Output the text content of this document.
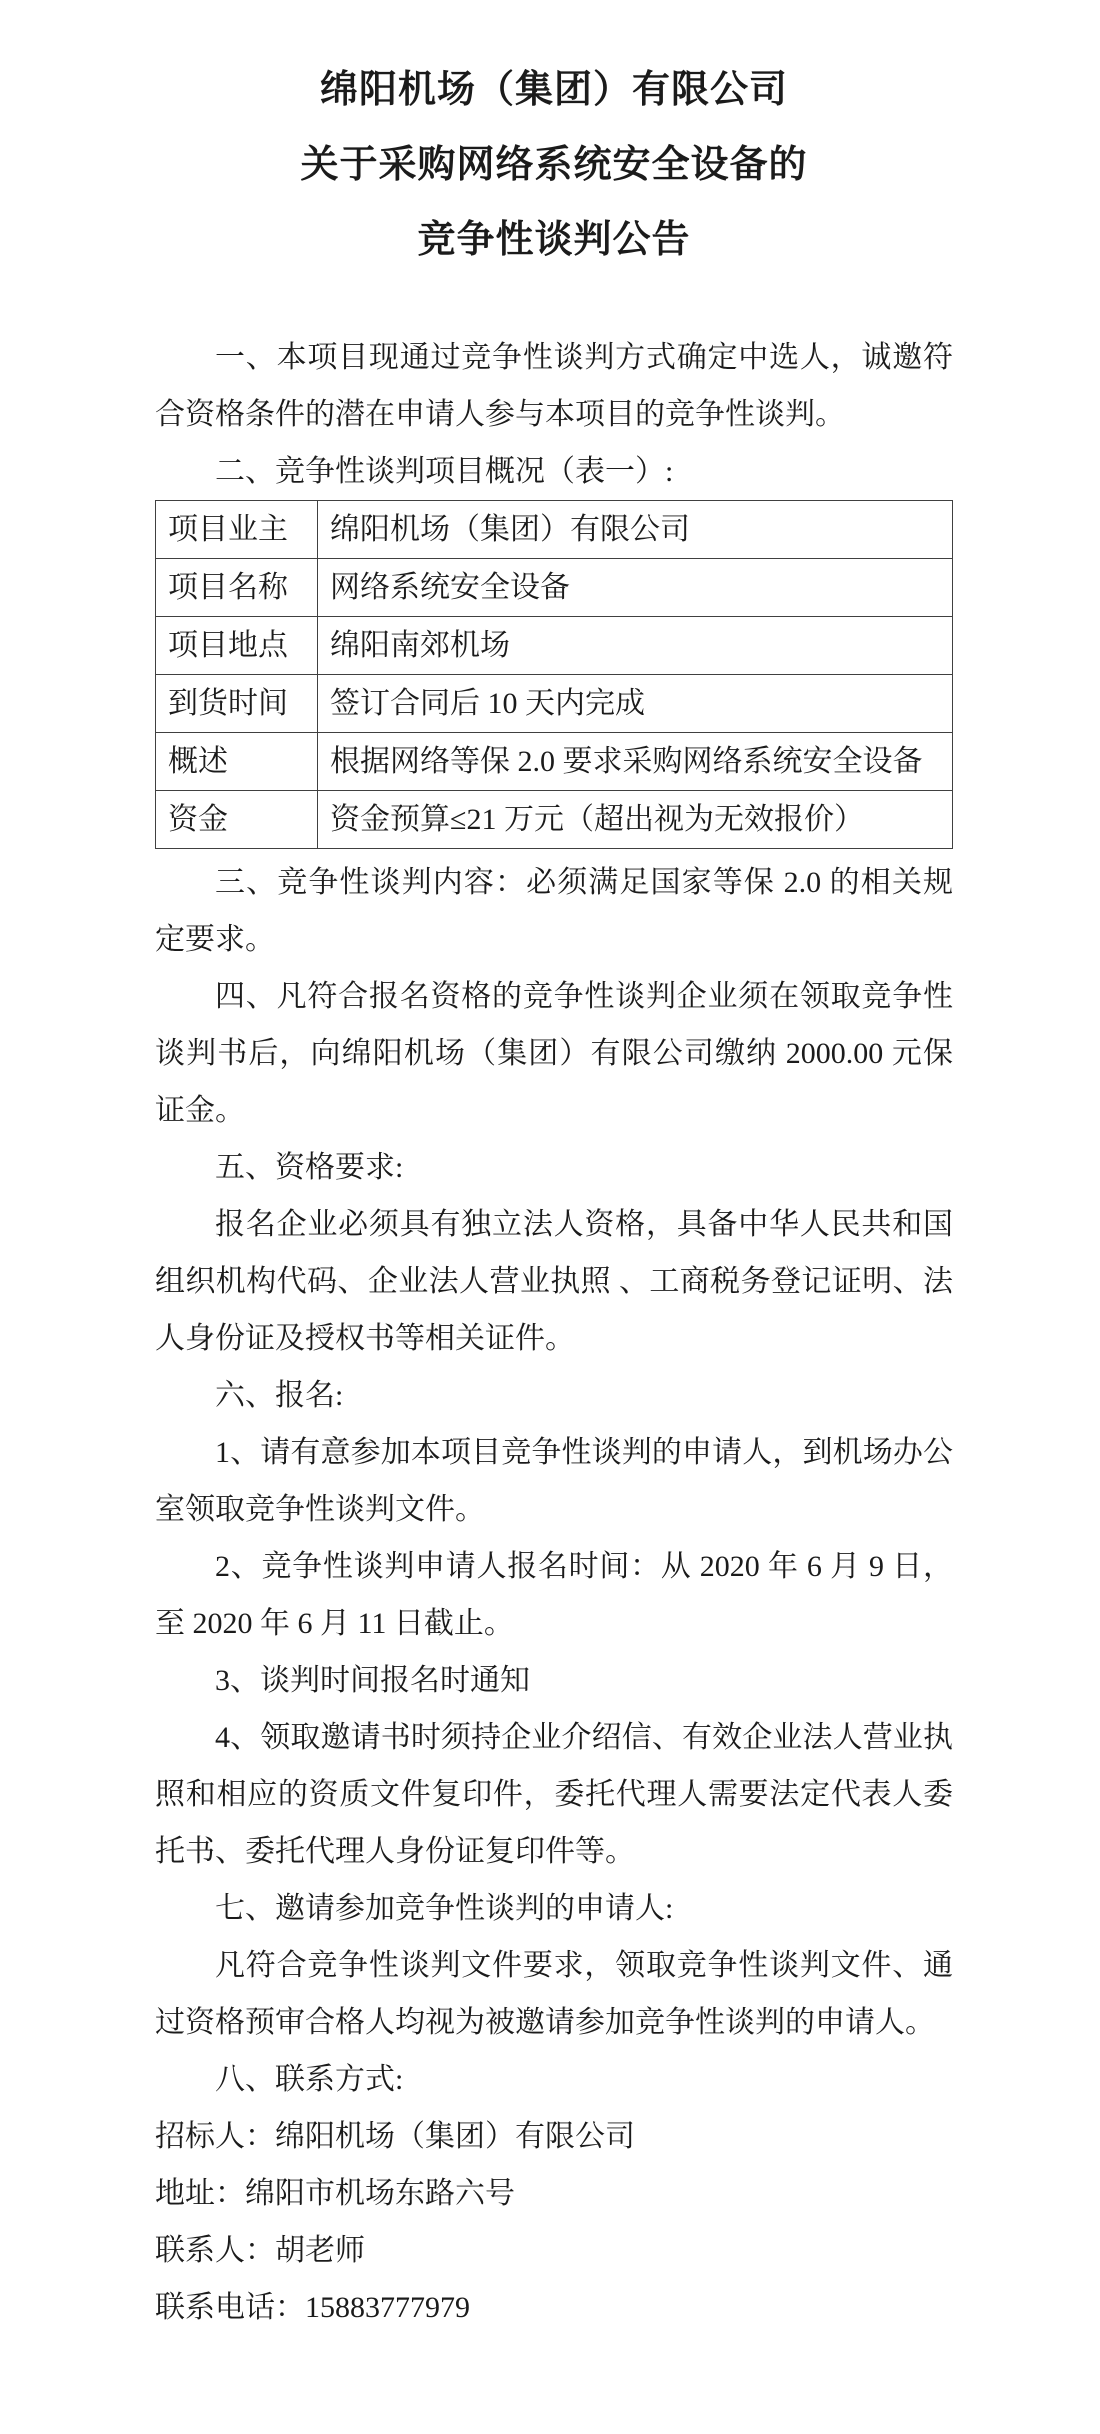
绵阳机场（集团）有限公司
关于采购网络系统安全设备的
竞争性谈判公告

一、本项目现通过竞争性谈判方式确定中选人，诚邀符合资格条件的潜在申请人参与本项目的竞争性谈判。

二、竞争性谈判项目概况（表一）:

项目业主	绵阳机场（集团）有限公司
项目名称	网络系统安全设备
项目地点	绵阳南郊机场
到货时间	签订合同后 10 天内完成
概述	根据网络等保 2.0 要求采购网络系统安全设备
资金	资金预算≤21 万元（超出视为无效报价）

三、竞争性谈判内容：必须满足国家等保 2.0 的相关规定要求。

四、凡符合报名资格的竞争性谈判企业须在领取竞争性谈判书后，向绵阳机场（集团）有限公司缴纳 2000.00 元保证金。

五、资格要求:

报名企业必须具有独立法人资格，具备中华人民共和国组织机构代码、企业法人营业执照 、工商税务登记证明、法人身份证及授权书等相关证件。

六、报名:

1、请有意参加本项目竞争性谈判的申请人，到机场办公室领取竞争性谈判文件。

2、竞争性谈判申请人报名时间：从 2020 年 6 月 9 日，至 2020 年 6 月 11 日截止。

3、谈判时间报名时通知

4、领取邀请书时须持企业介绍信、有效企业法人营业执照和相应的资质文件复印件，委托代理人需要法定代表人委托书、委托代理人身份证复印件等。

七、邀请参加竞争性谈判的申请人:

凡符合竞争性谈判文件要求，领取竞争性谈判文件、通过资格预审合格人均视为被邀请参加竞争性谈判的申请人。

八、联系方式:

招标人：绵阳机场（集团）有限公司

地址：绵阳市机场东路六号

联系人：胡老师

联系电话：15883777979
